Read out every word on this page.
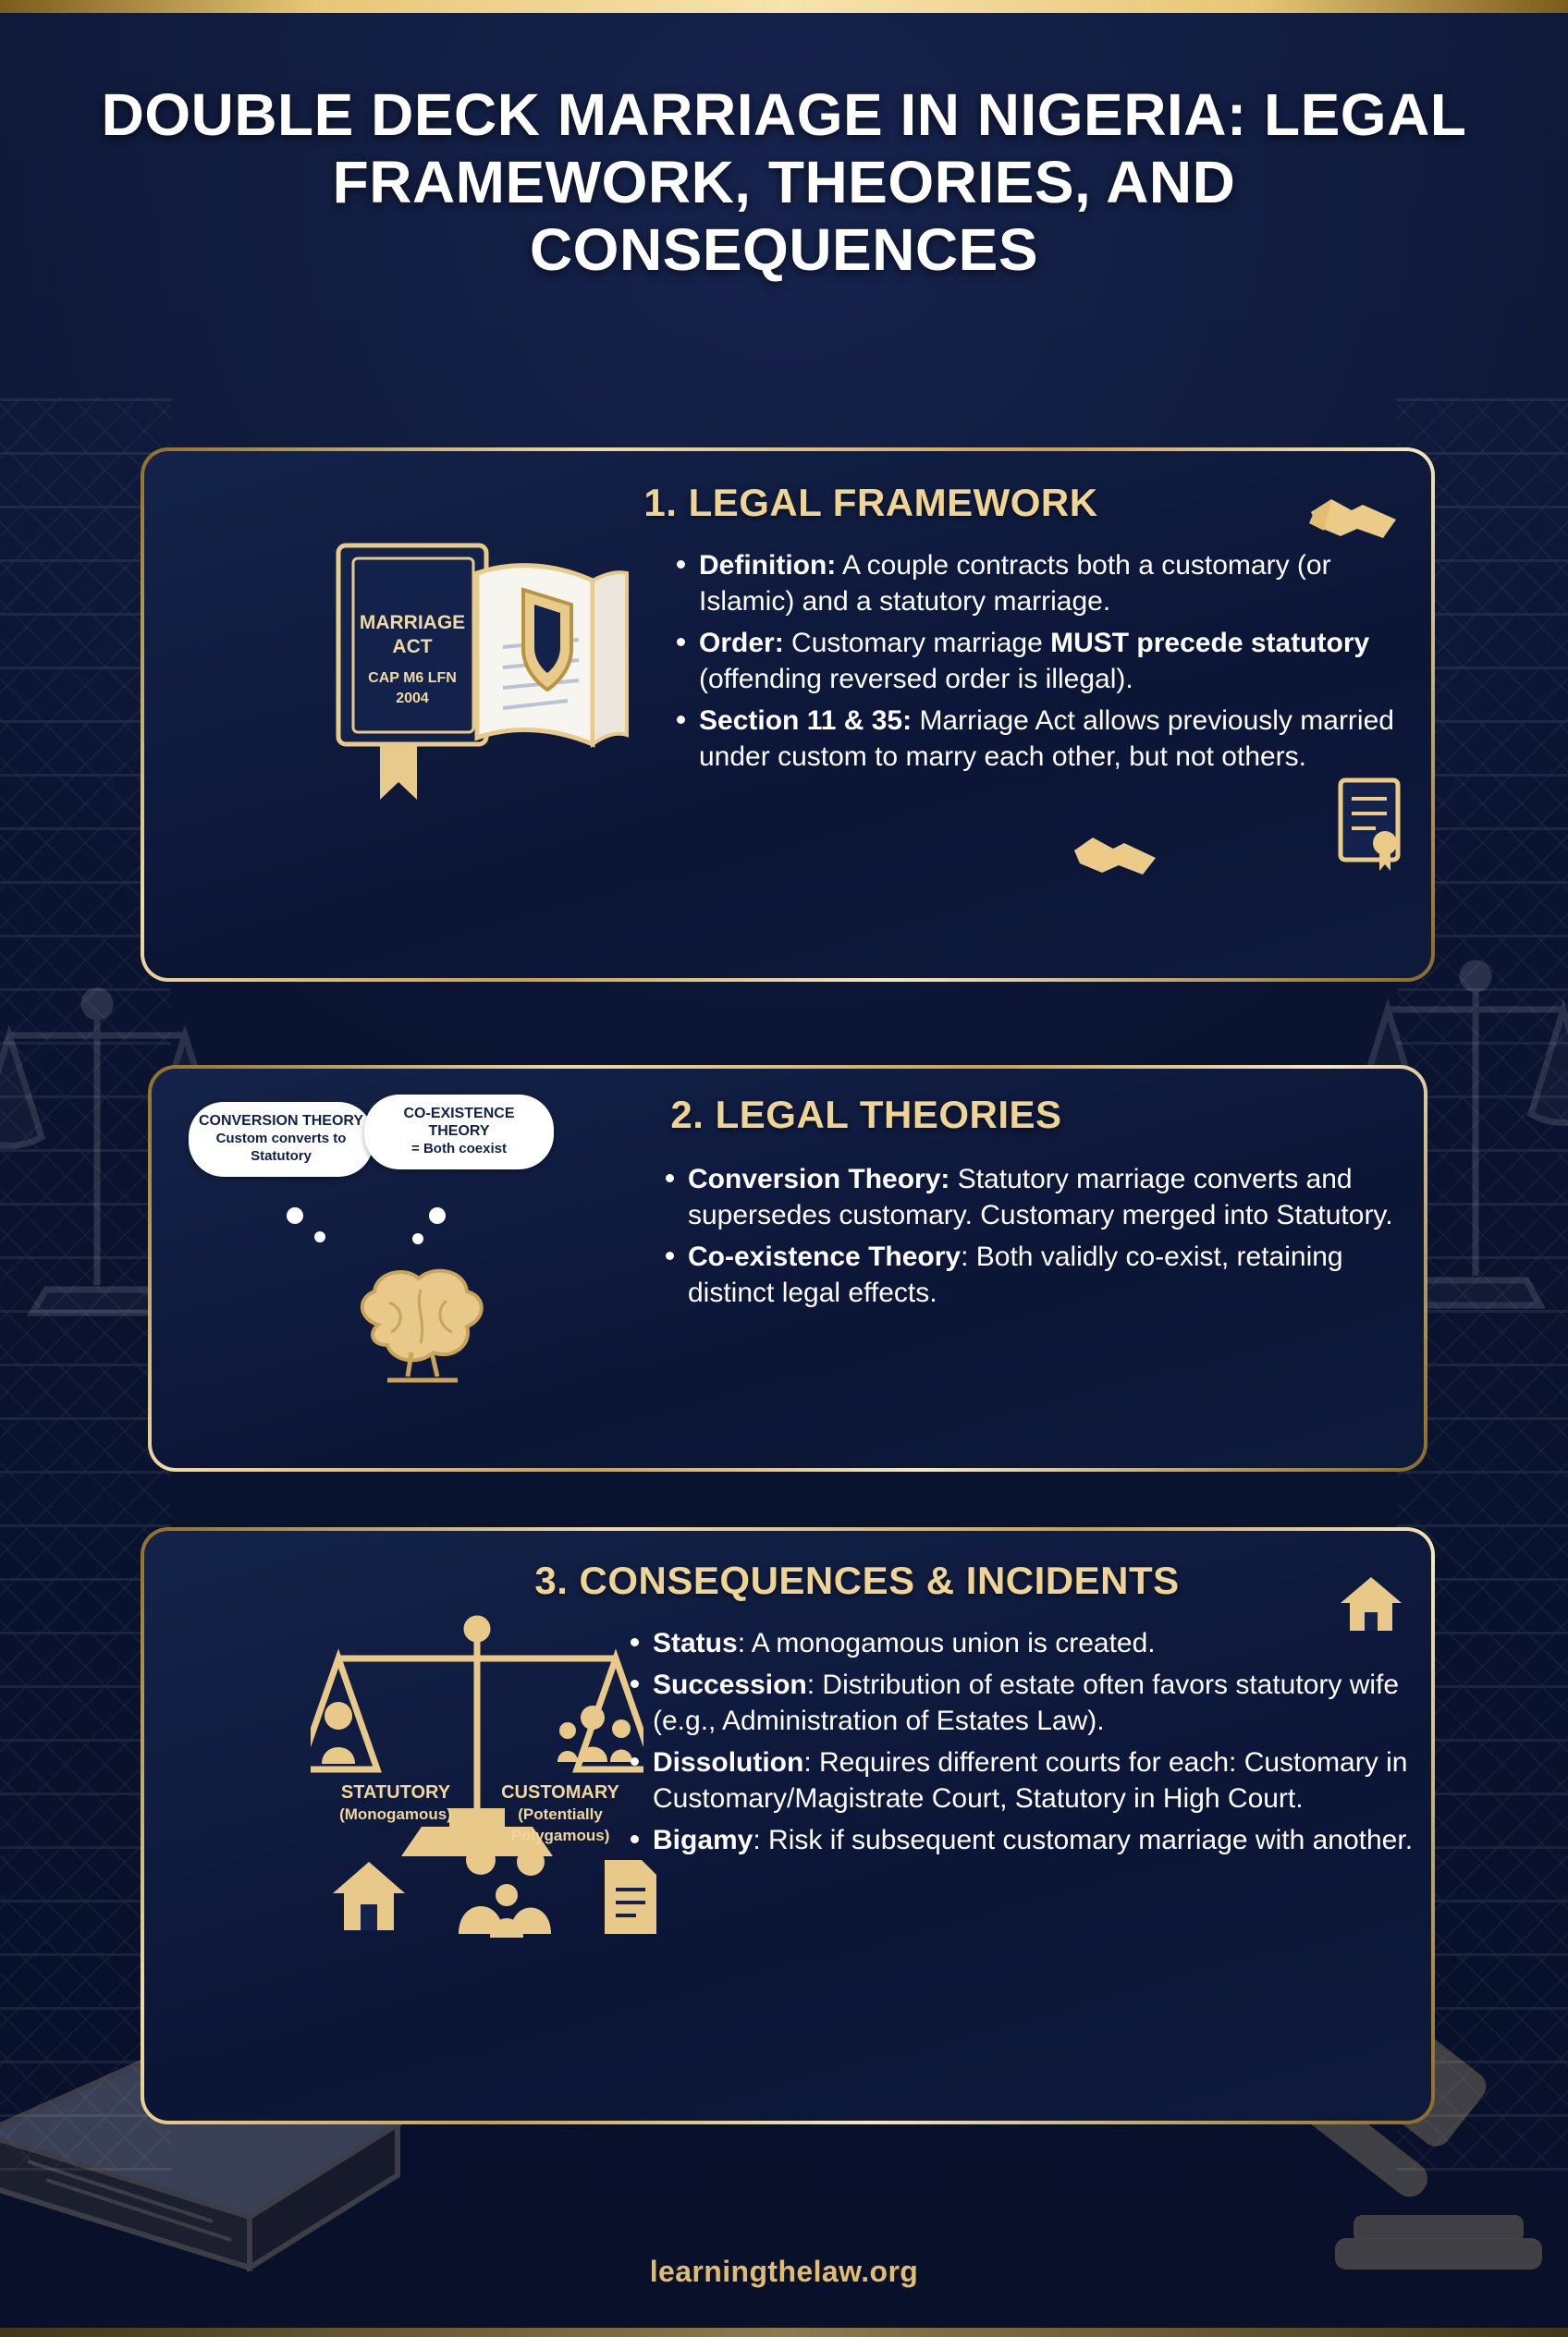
DOUBLE DECK MARRIAGE IN NIGERIA: LEGAL FRAMEWORK, THEORIES, AND CONSEQUENCES
1. LEGAL FRAMEWORK
MARRIAGE
ACT
CAP M6 LFN
2004
Definition: A couple contracts both a customary (or Islamic) and a statutory marriage.
Order: Customary marriage MUST precede statutory (offending reversed order is illegal).
Section 11 & 35: Marriage Act allows previously married under custom to marry each other, but not others.
2. LEGAL THEORIES
CONVERSION THEORY
Custom converts to Statutory
CO-EXISTENCE THEORY
= Both coexist
Conversion Theory: Statutory marriage converts and supersedes customary. Customary merged into Statutory.
Co-existence Theory: Both validly co-exist, retaining distinct legal effects.
3. CONSEQUENCES & INCIDENTS
STATUTORY
(Monogamous)
CUSTOMARY
(Potentially Polygamous)
Status: A monogamous union is created.
Succession: Distribution of estate often favors statutory wife (e.g., Administration of Estates Law).
Dissolution: Requires different courts for each: Customary in Customary/Magistrate Court, Statutory in High Court.
Bigamy: Risk if subsequent customary marriage with another.
learningthelaw.org
